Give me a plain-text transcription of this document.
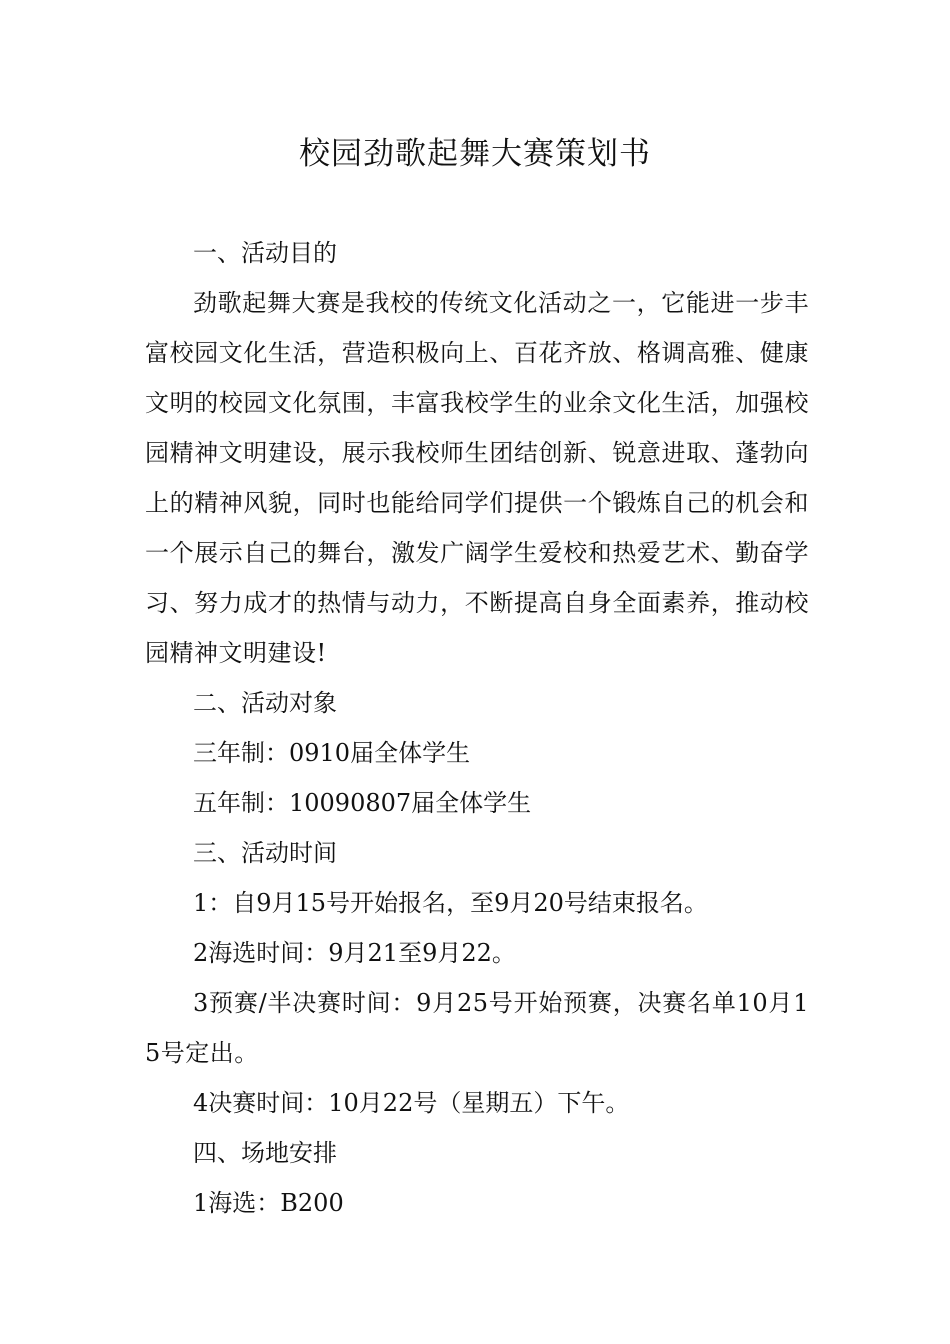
校园劲歌起舞大赛策划书

一、活动目的

劲歌起舞大赛是我校的传统文化活动之一，它能进一步丰富校园文化生活，营造积极向上、百花齐放、格调高雅、健康文明的校园文化氛围，丰富我校学生的业余文化生活，加强校园精神文明建设，展示我校师生团结创新、锐意进取、蓬勃向上的精神风貌，同时也能给同学们提供一个锻炼自己的机会和一个展示自己的舞台，激发广阔学生爱校和热爱艺术、勤奋学习、努力成才的热情与动力，不断提高自身全面素养，推动校园精神文明建设!

二、活动对象

三年制：0910届全体学生

五年制：10090807届全体学生

三、活动时间

1：自9月15号开始报名，至9月20号结束报名。

2海选时间：9月21至9月22。

3预赛/半决赛时间：9月25号开始预赛，决赛名单10月15号定出。

4决赛时间：10月22号（星期五）下午。

四、场地安排

1海选：B200
